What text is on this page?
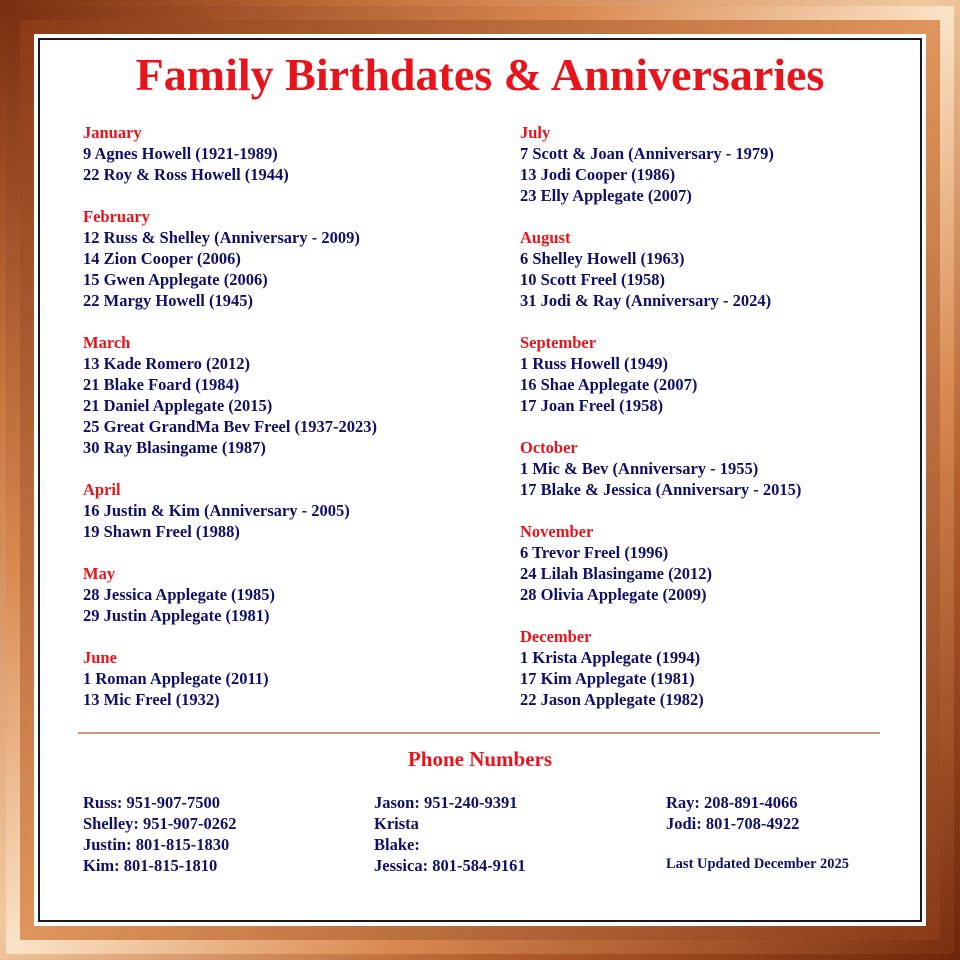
Family Birthdates & Anniversaries
January
9 Agnes Howell (1921-1989)
22 Roy & Ross Howell (1944)
February
12 Russ & Shelley (Anniversary - 2009)
14 Zion Cooper (2006)
15 Gwen Applegate (2006)
22 Margy Howell (1945)
March
13 Kade Romero (2012)
21 Blake Foard (1984)
21 Daniel Applegate (2015)
25 Great GrandMa Bev Freel (1937-2023)
30 Ray Blasingame (1987)
April
16 Justin & Kim (Anniversary - 2005)
19 Shawn Freel (1988)
May
28 Jessica Applegate (1985)
29 Justin Applegate (1981)
June
1 Roman Applegate (2011)
13 Mic Freel (1932)
July
7 Scott & Joan (Anniversary - 1979)
13 Jodi Cooper (1986)
23 Elly Applegate (2007)
August
6 Shelley Howell (1963)
10 Scott Freel (1958)
31 Jodi & Ray (Anniversary - 2024)
September
1 Russ Howell (1949)
16 Shae Applegate (2007)
17 Joan Freel (1958)
October
1 Mic & Bev (Anniversary - 1955)
17 Blake & Jessica (Anniversary - 2015)
November
6 Trevor Freel (1996)
24 Lilah Blasingame (2012)
28 Olivia Applegate (2009)
December
1 Krista Applegate (1994)
17 Kim Applegate (1981)
22 Jason Applegate (1982)
Phone Numbers
Russ: 951-907-7500
Shelley: 951-907-0262
Justin: 801-815-1830
Kim: 801-815-1810
Jason: 951-240-9391
Krista
Blake:
Jessica: 801-584-9161
Ray: 208-891-4066
Jodi: 801-708-4922
Last Updated December 2025
